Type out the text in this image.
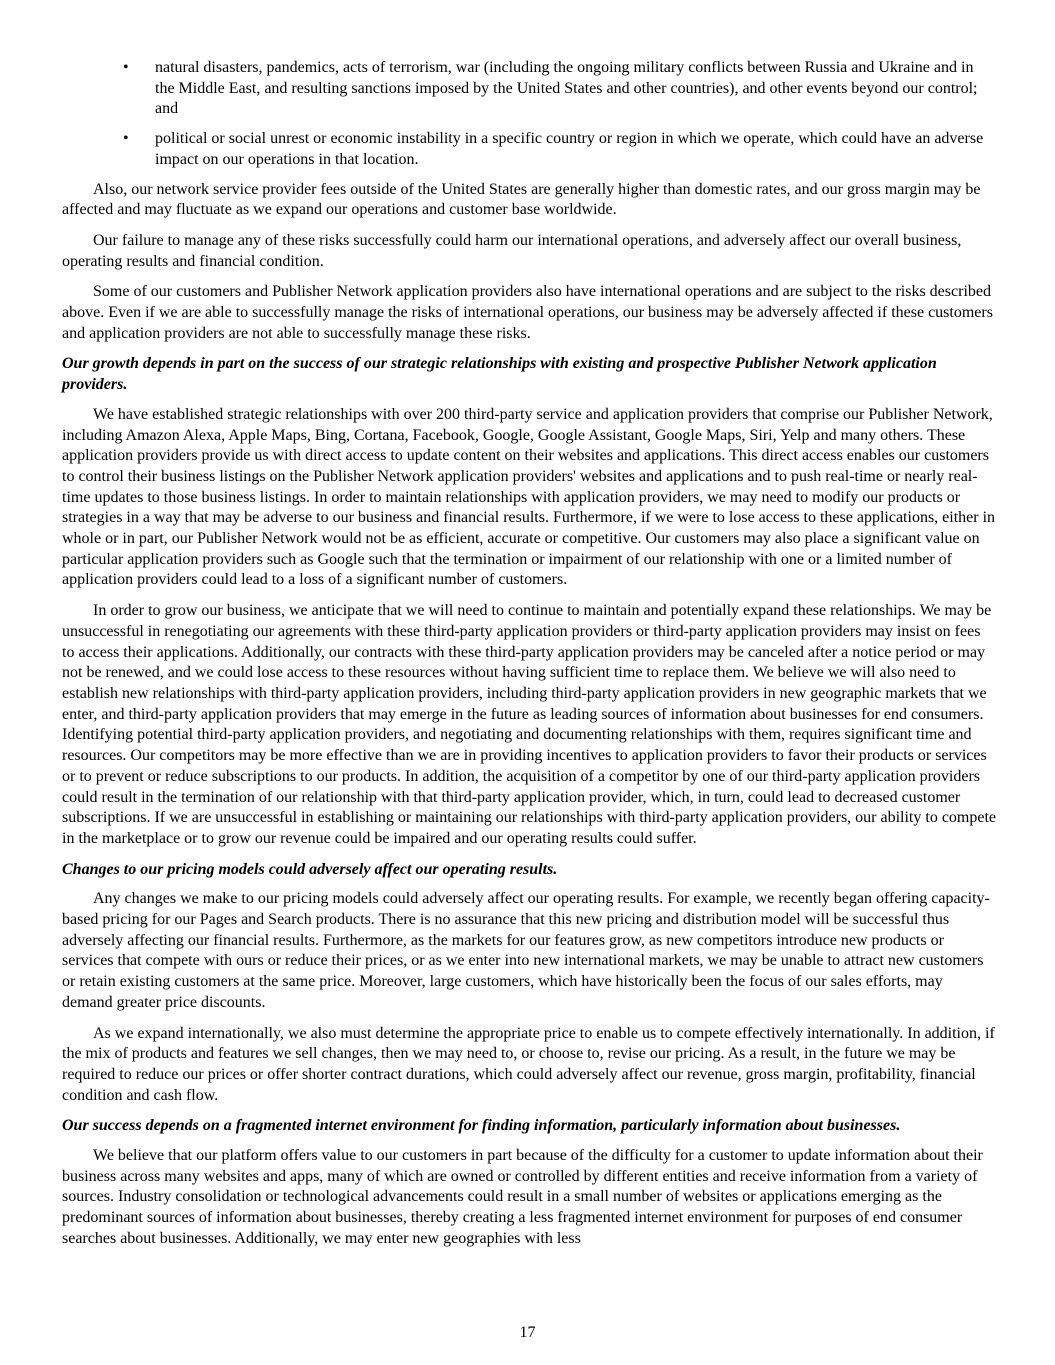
• natural disasters, pandemics, acts of terrorism, war (including the ongoing military conflicts between Russia and Ukraine and in the Middle East, and resulting sanctions imposed by the United States and other countries), and other events beyond our control; and
• political or social unrest or economic instability in a specific country or region in which we operate, which could have an adverse impact on our operations in that location.

Also, our network service provider fees outside of the United States are generally higher than domestic rates, and our gross margin may be affected and may fluctuate as we expand our operations and customer base worldwide.

Our failure to manage any of these risks successfully could harm our international operations, and adversely affect our overall business, operating results and financial condition.

Some of our customers and Publisher Network application providers also have international operations and are subject to the risks described above. Even if we are able to successfully manage the risks of international operations, our business may be adversely affected if these customers and application providers are not able to successfully manage these risks.

Our growth depends in part on the success of our strategic relationships with existing and prospective Publisher Network application providers.

We have established strategic relationships with over 200 third-party service and application providers that comprise our Publisher Network, including Amazon Alexa, Apple Maps, Bing, Cortana, Facebook, Google, Google Assistant, Google Maps, Siri, Yelp and many others. These application providers provide us with direct access to update content on their websites and applications. This direct access enables our customers to control their business listings on the Publisher Network application providers' websites and applications and to push real-time or nearly real-time updates to those business listings. In order to maintain relationships with application providers, we may need to modify our products or strategies in a way that may be adverse to our business and financial results. Furthermore, if we were to lose access to these applications, either in whole or in part, our Publisher Network would not be as efficient, accurate or competitive. Our customers may also place a significant value on particular application providers such as Google such that the termination or impairment of our relationship with one or a limited number of application providers could lead to a loss of a significant number of customers.

In order to grow our business, we anticipate that we will need to continue to maintain and potentially expand these relationships. We may be unsuccessful in renegotiating our agreements with these third-party application providers or third-party application providers may insist on fees to access their applications. Additionally, our contracts with these third-party application providers may be canceled after a notice period or may not be renewed, and we could lose access to these resources without having sufficient time to replace them. We believe we will also need to establish new relationships with third-party application providers, including third-party application providers in new geographic markets that we enter, and third-party application providers that may emerge in the future as leading sources of information about businesses for end consumers. Identifying potential third-party application providers, and negotiating and documenting relationships with them, requires significant time and resources. Our competitors may be more effective than we are in providing incentives to application providers to favor their products or services or to prevent or reduce subscriptions to our products. In addition, the acquisition of a competitor by one of our third-party application providers could result in the termination of our relationship with that third-party application provider, which, in turn, could lead to decreased customer subscriptions. If we are unsuccessful in establishing or maintaining our relationships with third-party application providers, our ability to compete in the marketplace or to grow our revenue could be impaired and our operating results could suffer.

Changes to our pricing models could adversely affect our operating results.

Any changes we make to our pricing models could adversely affect our operating results. For example, we recently began offering capacity-based pricing for our Pages and Search products. There is no assurance that this new pricing and distribution model will be successful thus adversely affecting our financial results. Furthermore, as the markets for our features grow, as new competitors introduce new products or services that compete with ours or reduce their prices, or as we enter into new international markets, we may be unable to attract new customers or retain existing customers at the same price. Moreover, large customers, which have historically been the focus of our sales efforts, may demand greater price discounts.

As we expand internationally, we also must determine the appropriate price to enable us to compete effectively internationally. In addition, if the mix of products and features we sell changes, then we may need to, or choose to, revise our pricing. As a result, in the future we may be required to reduce our prices or offer shorter contract durations, which could adversely affect our revenue, gross margin, profitability, financial condition and cash flow.

Our success depends on a fragmented internet environment for finding information, particularly information about businesses.

We believe that our platform offers value to our customers in part because of the difficulty for a customer to update information about their business across many websites and apps, many of which are owned or controlled by different entities and receive information from a variety of sources. Industry consolidation or technological advancements could result in a small number of websites or applications emerging as the predominant sources of information about businesses, thereby creating a less fragmented internet environment for purposes of end consumer searches about businesses. Additionally, we may enter new geographies with less

17
